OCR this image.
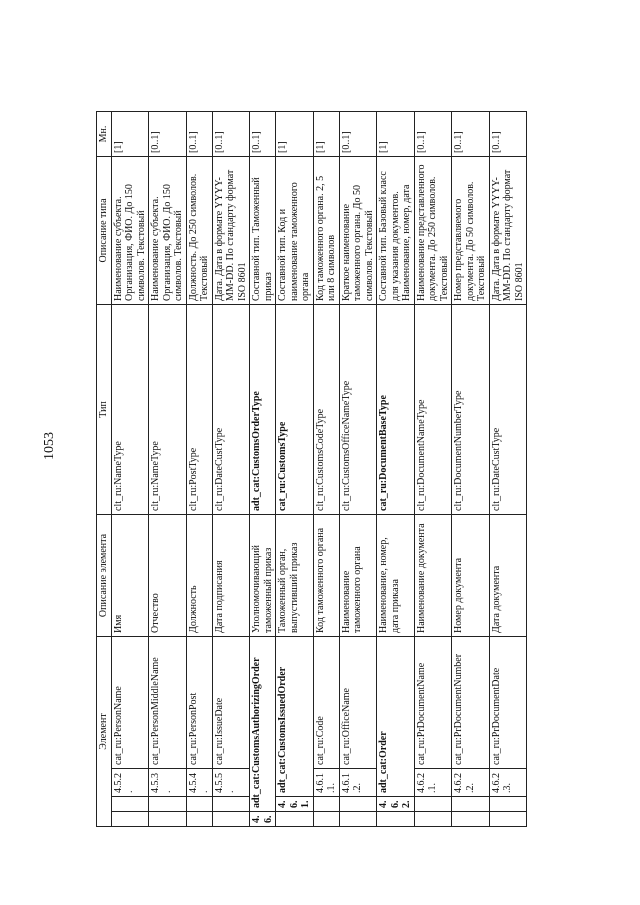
1053
Элемент				Описание элемента	Тип	Описание типа	Мн.
		4.5.2.	cat_ru:PersonName	Имя	clt_ru:NameType	Наименование субъекта. Организация, ФИО. До 150 символов. Текстовый	[1]
		4.5.3.	cat_ru:PersonMiddleName	Отчество	clt_ru:NameType	Наименование субъекта. Организация, ФИО. До 150 символов. Текстовый	[0..1]
		4.5.4.	cat_ru:PersonPost	Должность	clt_ru:PostType	Должность. До 250 символов. Текстовый	[0..1]
		4.5.5.	cat_ru:IssueDate	Дата подписания	clt_ru:DateCustType	Дата. Дата в формате YYYY-MM-DD. По стандарту формат ISO 8601	[0..1]
4.6.	adt_cat:CustomsAuthorizingOrder			Уполномочивающий таможенный приказ	adt_cat:CustomsOrderType	Составной тип. Таможенный приказ	[0..1]
	4.6.1.	adt_cat:CustomsIssuedOrder		Таможенный орган, выпустивший приказ	cat_ru:CustomsType	Составной тип. Код и наименование таможенного органа	[1]
		4.6.1.1.	cat_ru:Code	Код таможенного органа	clt_ru:CustomsCodeType	Код таможенного органа. 2, 5 или 8 символов	[1]
		4.6.1.2.	cat_ru:OfficeName	Наименование таможенного органа	clt_ru:CustomsOfficeNameType	Краткое наименование таможенного органа. До 50 символов. Текстовый	[0..1]
	4.6.2.	adt_cat:Order		Наименование, номер, дата приказа	cat_ru:DocumentBaseType	Составной тип. Базовый класс для указания документов. Наименование, номер, дата	[1]
		4.6.2.1.	cat_ru:PrDocumentName	Наименование документа	clt_ru:DocumentNameType	Наименование представленного документа. До 250 символов. Текстовый	[0..1]
		4.6.2.2.	cat_ru:PrDocumentNumber	Номер документа	clt_ru:DocumentNumberType	Номер представляемого документа. До 50 символов. Текстовый	[0..1]
		4.6.2.3.	cat_ru:PrDocumentDate	Дата документа	clt_ru:DateCustType	Дата. Дата в формате YYYY-MM-DD. По стандарту формат ISO 8601	[0..1]
